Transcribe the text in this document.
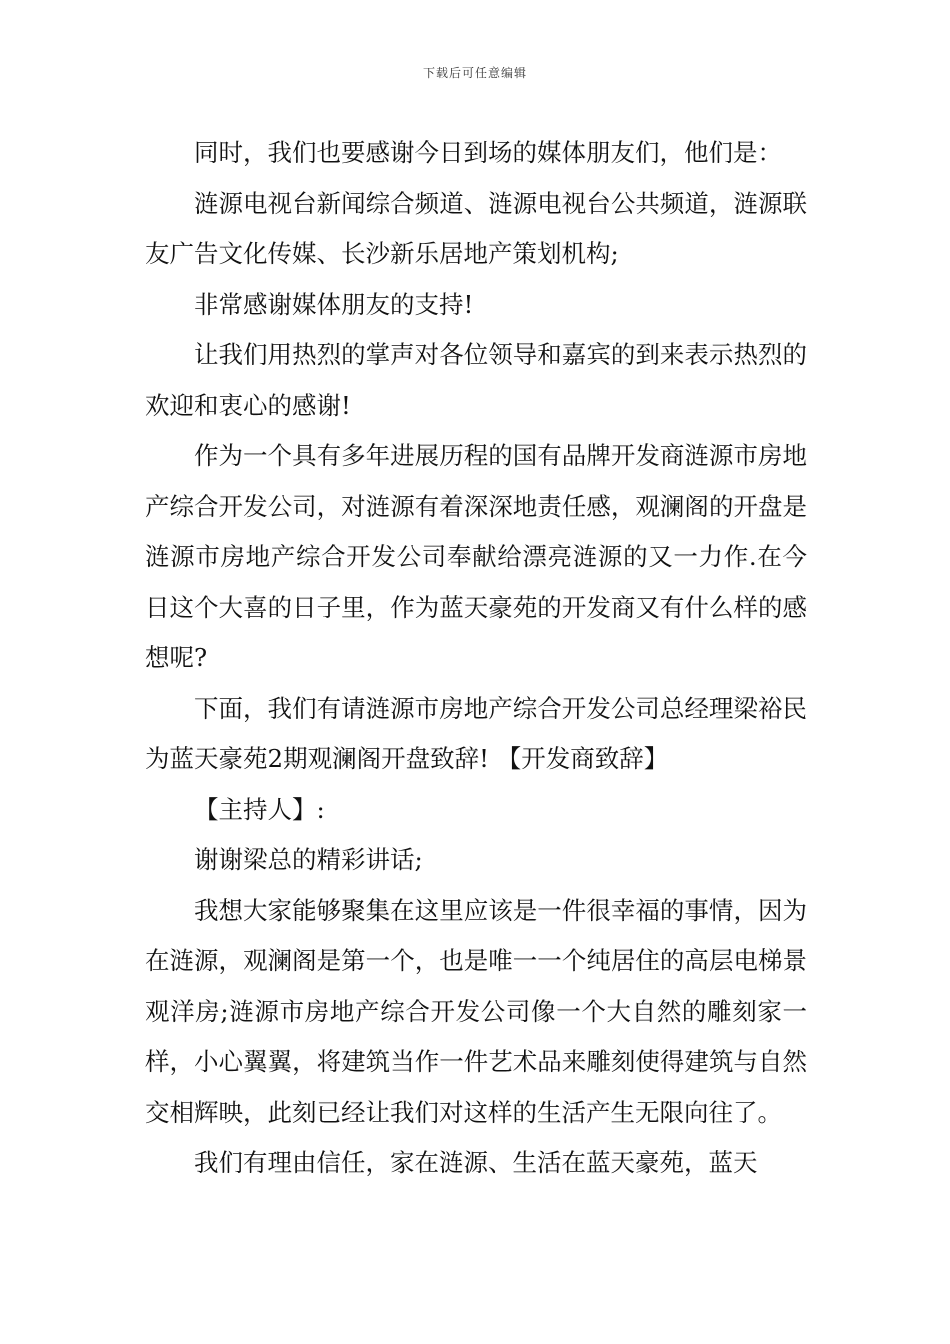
下载后可任意编辑

同时，我们也要感谢今日到场的媒体朋友们，他们是：

涟源电视台新闻综合频道、涟源电视台公共频道，涟源联友广告文化传媒、长沙新乐居地产策划机构;

非常感谢媒体朋友的支持!

让我们用热烈的掌声对各位领导和嘉宾的到来表示热烈的欢迎和衷心的感谢!

作为一个具有多年进展历程的国有品牌开发商涟源市房地产综合开发公司，对涟源有着深深地责任感，观澜阁的开盘是涟源市房地产综合开发公司奉献给漂亮涟源的又一力作.在今日这个大喜的日子里，作为蓝天豪苑的开发商又有什么样的感想呢?

下面，我们有请涟源市房地产综合开发公司总经理梁裕民为蓝天豪苑2期观澜阁开盘致辞! 【开发商致辞】

【主持人】:

谢谢梁总的精彩讲话;

我想大家能够聚集在这里应该是一件很幸福的事情，因为在涟源，观澜阁是第一个，也是唯一一个纯居住的高层电梯景观洋房;涟源市房地产综合开发公司像一个大自然的雕刻家一样，小心翼翼，将建筑当作一件艺术品来雕刻使得建筑与自然交相辉映，此刻已经让我们对这样的生活产生无限向往了。

我们有理由信任，家在涟源、生活在蓝天豪苑，蓝天
